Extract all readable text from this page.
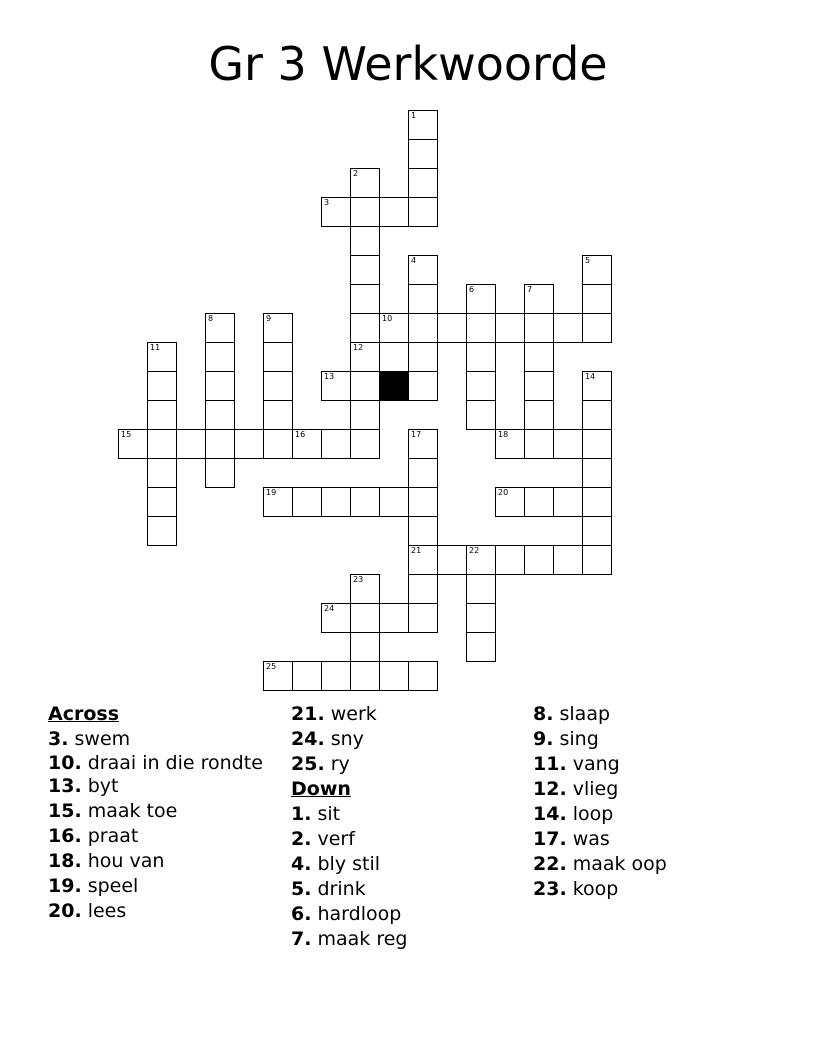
Gr 3 Werkwoorde
3
10
13
15	16	18
19	20
21	22
24
25
1
2
12
4	5
6	7
8	9
11
14
17
23
Across
3. swem
10. draai in die rondte
13. byt
15. maak toe
16. praat
18. hou van
19. speel
20. lees
21. werk
24. sny
25. ry
Down
1. sit
2. verf
4. bly stil
5. drink
6. hardloop
7. maak reg
8. slaap
9. sing
11. vang
12. vlieg
14. loop
17. was
22. maak oop
23. koop
